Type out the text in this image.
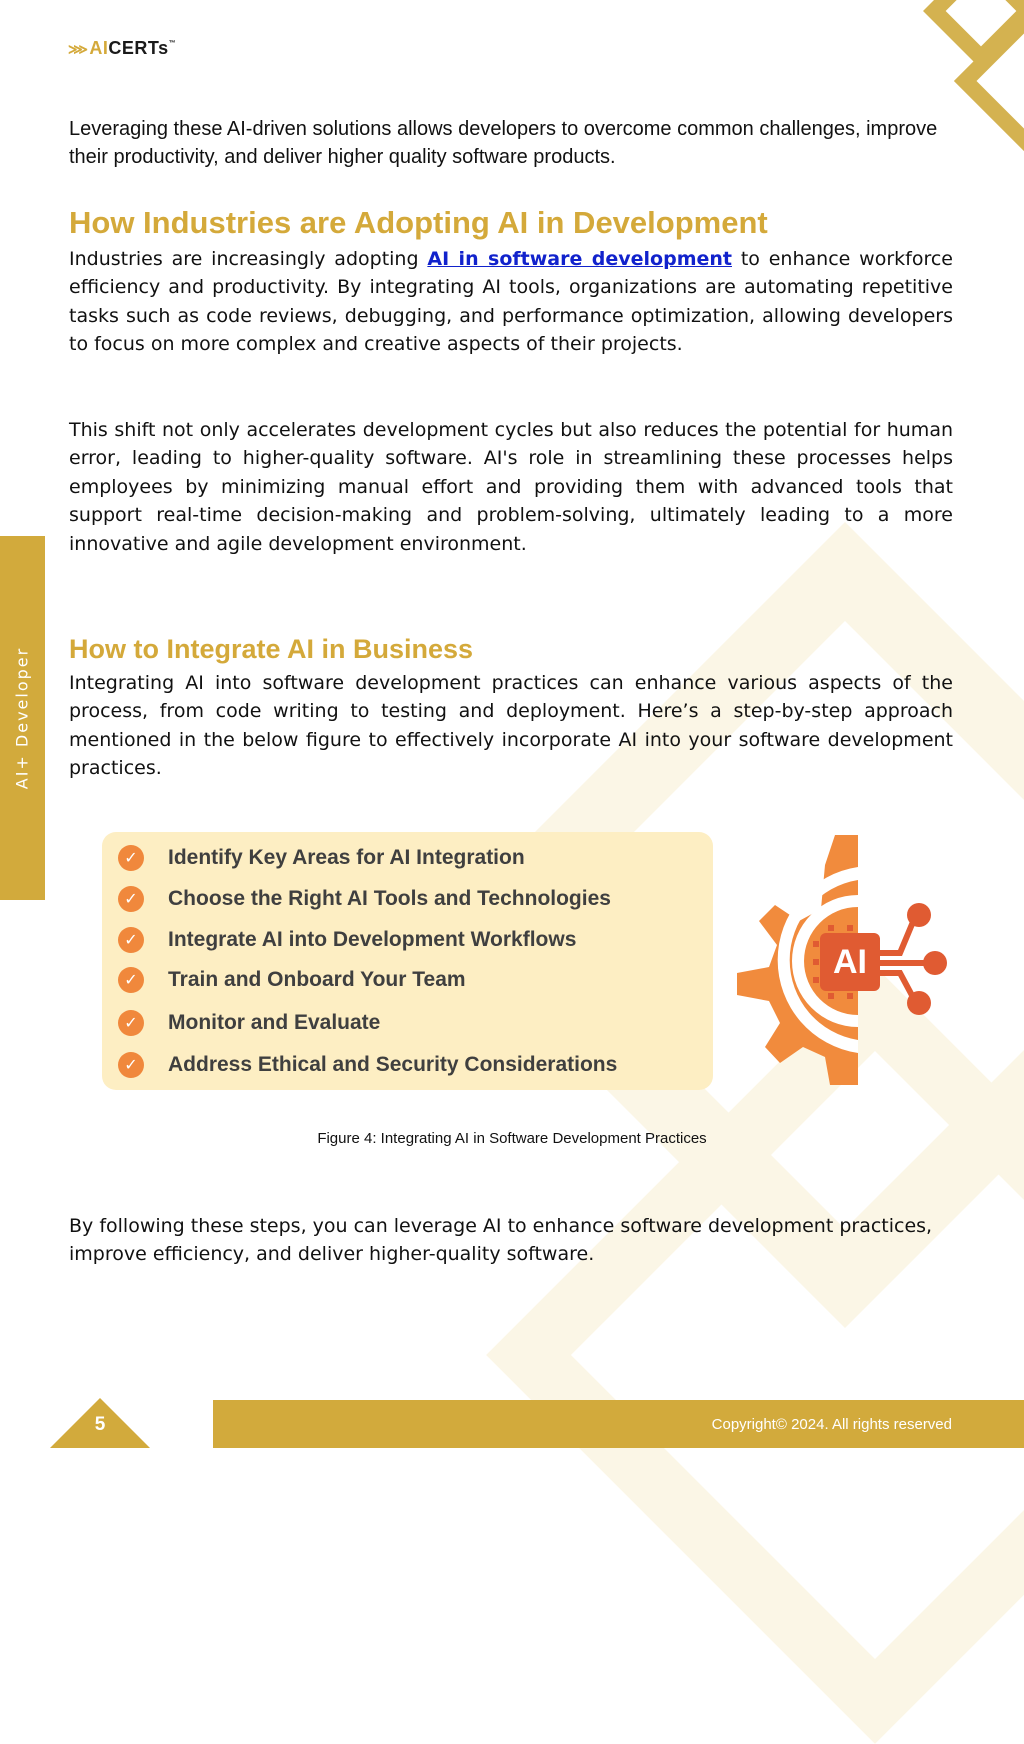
⋙AICERTs™

Leveraging these AI-driven solutions allows developers to overcome common challenges, improve their productivity, and deliver higher quality software products.

How Industries are Adopting AI in Development

Industries are increasingly adopting AI in software development to enhance workforce efficiency and productivity. By integrating AI tools, organizations are automating repetitive tasks such as code reviews, debugging, and performance optimization, allowing developers to focus on more complex and creative aspects of their projects.

This shift not only accelerates development cycles but also reduces the potential for human error, leading to higher-quality software. AI's role in streamlining these processes helps employees by minimizing manual effort and providing them with advanced tools that support real-time decision-making and problem-solving, ultimately leading to a more innovative and agile development environment.

How to Integrate AI in Business

Integrating AI into software development practices can enhance various aspects of the process, from code writing to testing and deployment. Here’s a step-by-step approach mentioned in the below figure to effectively incorporate AI into your software development practices.

AI+ Developer
✓ Identify Key Areas for AI Integration
✓ Choose the Right AI Tools and Technologies
✓ Integrate AI into Development Workflows
✓ Train and Onboard Your Team
✓ Monitor and Evaluate
✓ Address Ethical and Security Considerations
AI
Figure 4: Integrating AI in Software Development Practices

By following these steps, you can leverage AI to enhance software development practices, improve efficiency, and deliver higher-quality software.

5	Copyright© 2024. All rights reserved
